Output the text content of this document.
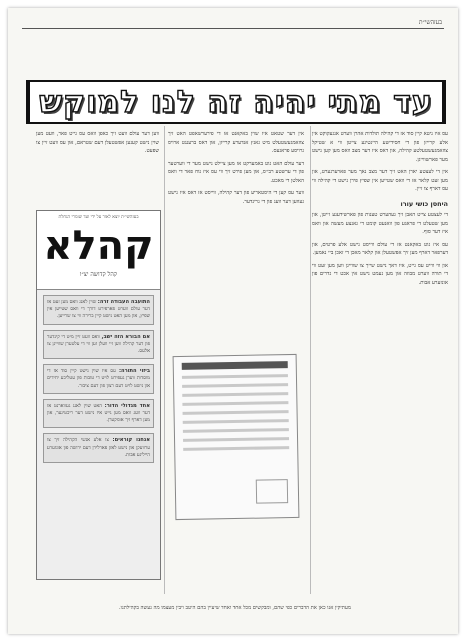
בעזהשי״ת
עד מתי יהיה זה לנו למוקש

עס איז ניטא קיין סוד אז די קהילה תולדות אהרן ווערט אנגעקוקט אין אלע קרייזן פון די חסידישע היינטיגע צייטן ווי א שטיקל צוזאמגעשטעלטע קהילה, און דאס איז דער מצב וואס מען קען נישט מער פארשווייגן.

אין די לעצטע יארן האט זיך דער מצב נאך מער פארערגערט, און מען זעט קלאר אז די וואס שטייען אין שפיץ פירן נישט די קהילה ווי עס דארף צו זיין.

היחסן כושי עורו

די לעצטע צייט האבן זיך געהערט טענות פון פארשידענע זייטן, און מען שטעלט די פראגע פון וואנעט קומט די גאנצע מעשה און וואס איז דער סוף.

עס איז גוט באקאנט אז די עולם ווייסט נישט אלע פרטים, און דערפאר דארף מען זיך אפשטעלן און קלאר מאכן די זאכן ביי נאמען.

און ווי ווייט עס גייט, איז דאך נישט שייך צו שווייגן ווען מען זעט ווי די תורה ווערט מבוזה און מען נעמט נישט אין אכט די גדרים פון אונזערע אבות.

אין דער שטאט איז שוין באקאנט אז די פירערשאפט האט זיך צוזאמגעשטעלט מיט גאנץ אנדערע קרייזן, און דאס ברענגט ארויס גרויסע פראגעס.

דער עולם האט גוט באמערקט אז מען ציילט נישט מער די ווערטער פון די ערשטע רבי׳ס, און מען פירט זיך ווי עס איז נוח פאר די וואס האלטן די מאכט.

ווער עס קען די היסטאריע פון דער קהילה, ווייסט אז דאס איז נישט געווען דער וועג פון די גרינדער.

ווען דער עולם וועט זיך כאפן וואס עס גייט פאר, וועט מען שוין נישט קענען אפשטעלן דעם שטראם, און עס וועט זיין צו שפעט.

בעזהשי״ת יוצא לאור על ידי ועד שומרי הגחלת
קהלא
קהל קדושה יצ״ו
התועבה העבודה זרה: שוין לאנג וואס מען זעט אז דער עולם ווערט פארפירט דורך די וואס שטייען אין שפיץ, און מען האט נישט קיין ברירה ווי צו שרייען.
אם הבורא הזה ישב, וואס וועט זיין מיט די קינדער פון דער קהילה ווען זיי וועלן זען ווי די עלטערן שווייגן צו אלעס.
ביזוי התורה: עס איז שוין נישט קיין סוד אז די מוסדות ווערן געפירט לויט די טובות פון עטליכע יחידים און נישט לויט דעם רצון פון דעם ציבור.
אחד מגדולי הדור: האט שוין לאנג געווארנט אז דער וועג וואס מען גייט איז נישט דער ריכטיגער, און מען דארף זיך אומקערן.
אנחנו קוראים: צו אלע אנשי הקהילה זיך צו ערוועקן און נישט לאזן פארלירן דעם ירושה פון אונזערע הייליגע אבות.
מעתיקין אנו כאן את הדברים כפי שהם, ומבקשים מכל אחד ואחד שיעיין בהם היטב ויבין מעצמו מה נעשה בקהילתנו.
